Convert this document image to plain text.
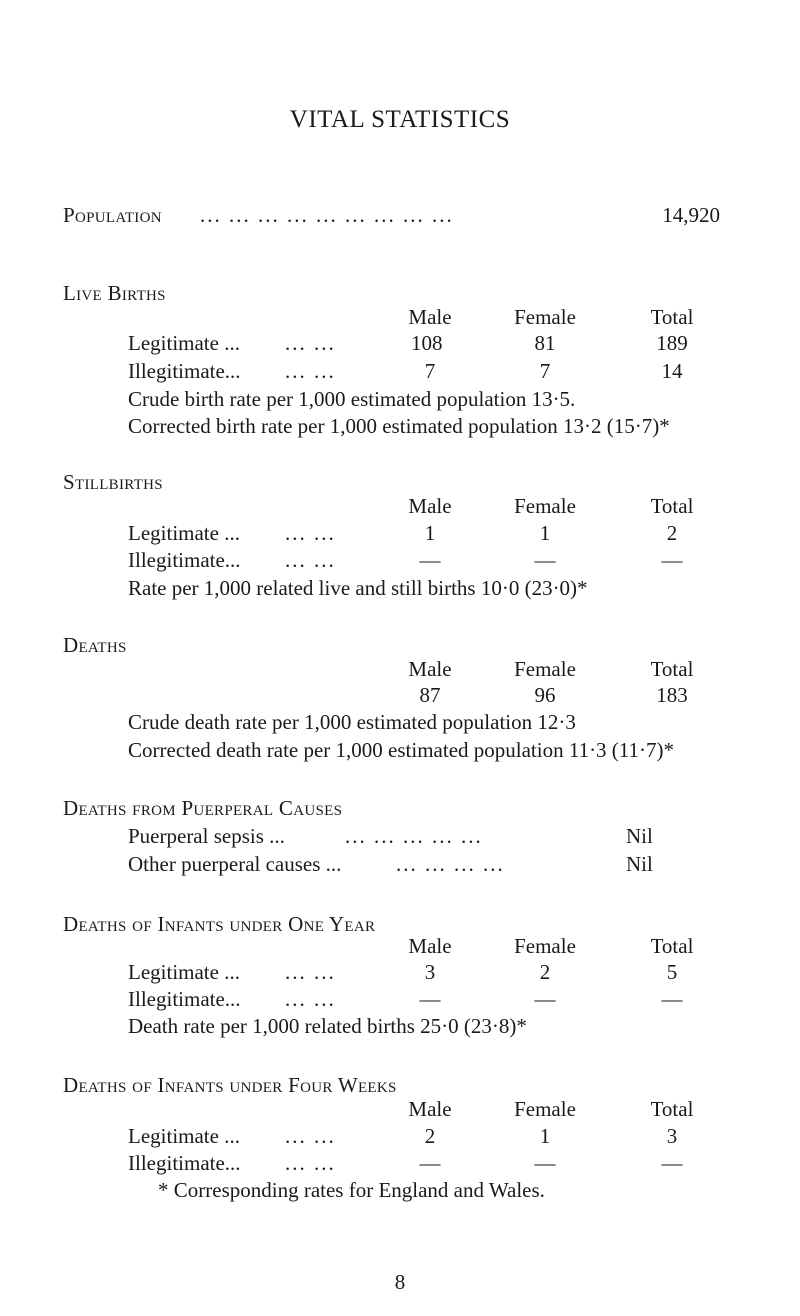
VITAL STATISTICS
Population ... ... ... ... ... ... ... ... ...	14,920
Live Births
Male	Female	Total
Legitimate ... ... ...	108	81	189
Illegitimate... ... ...	7	7	14
Crude birth rate per 1,000 estimated population 13·5.
Corrected birth rate per 1,000 estimated population 13·2 (15·7)*
Stillbirths
Male	Female	Total
Legitimate ... ... ...	1	1	2
Illegitimate... ... ...	—	—	—
Rate per 1,000 related live and still births 10·0 (23·0)*
Deaths
Male	Female	Total
87	96	183
Crude death rate per 1,000 estimated population 12·3
Corrected death rate per 1,000 estimated population 11·3 (11·7)*
Deaths from Puerperal Causes
Puerperal sepsis ...	... ... ... ... ...	Nil
Other puerperal causes ...	... ... ... ...	Nil
Deaths of Infants under One Year
Male	Female	Total
Legitimate ... ... ...	3	2	5
Illegitimate... ... ...	—	—	—
Death rate per 1,000 related births 25·0 (23·8)*
Deaths of Infants under Four Weeks
Male	Female	Total
Legitimate ... ... ...	2	1	3
Illegitimate... ... ...	—	—	—
* Corresponding rates for England and Wales.
8
